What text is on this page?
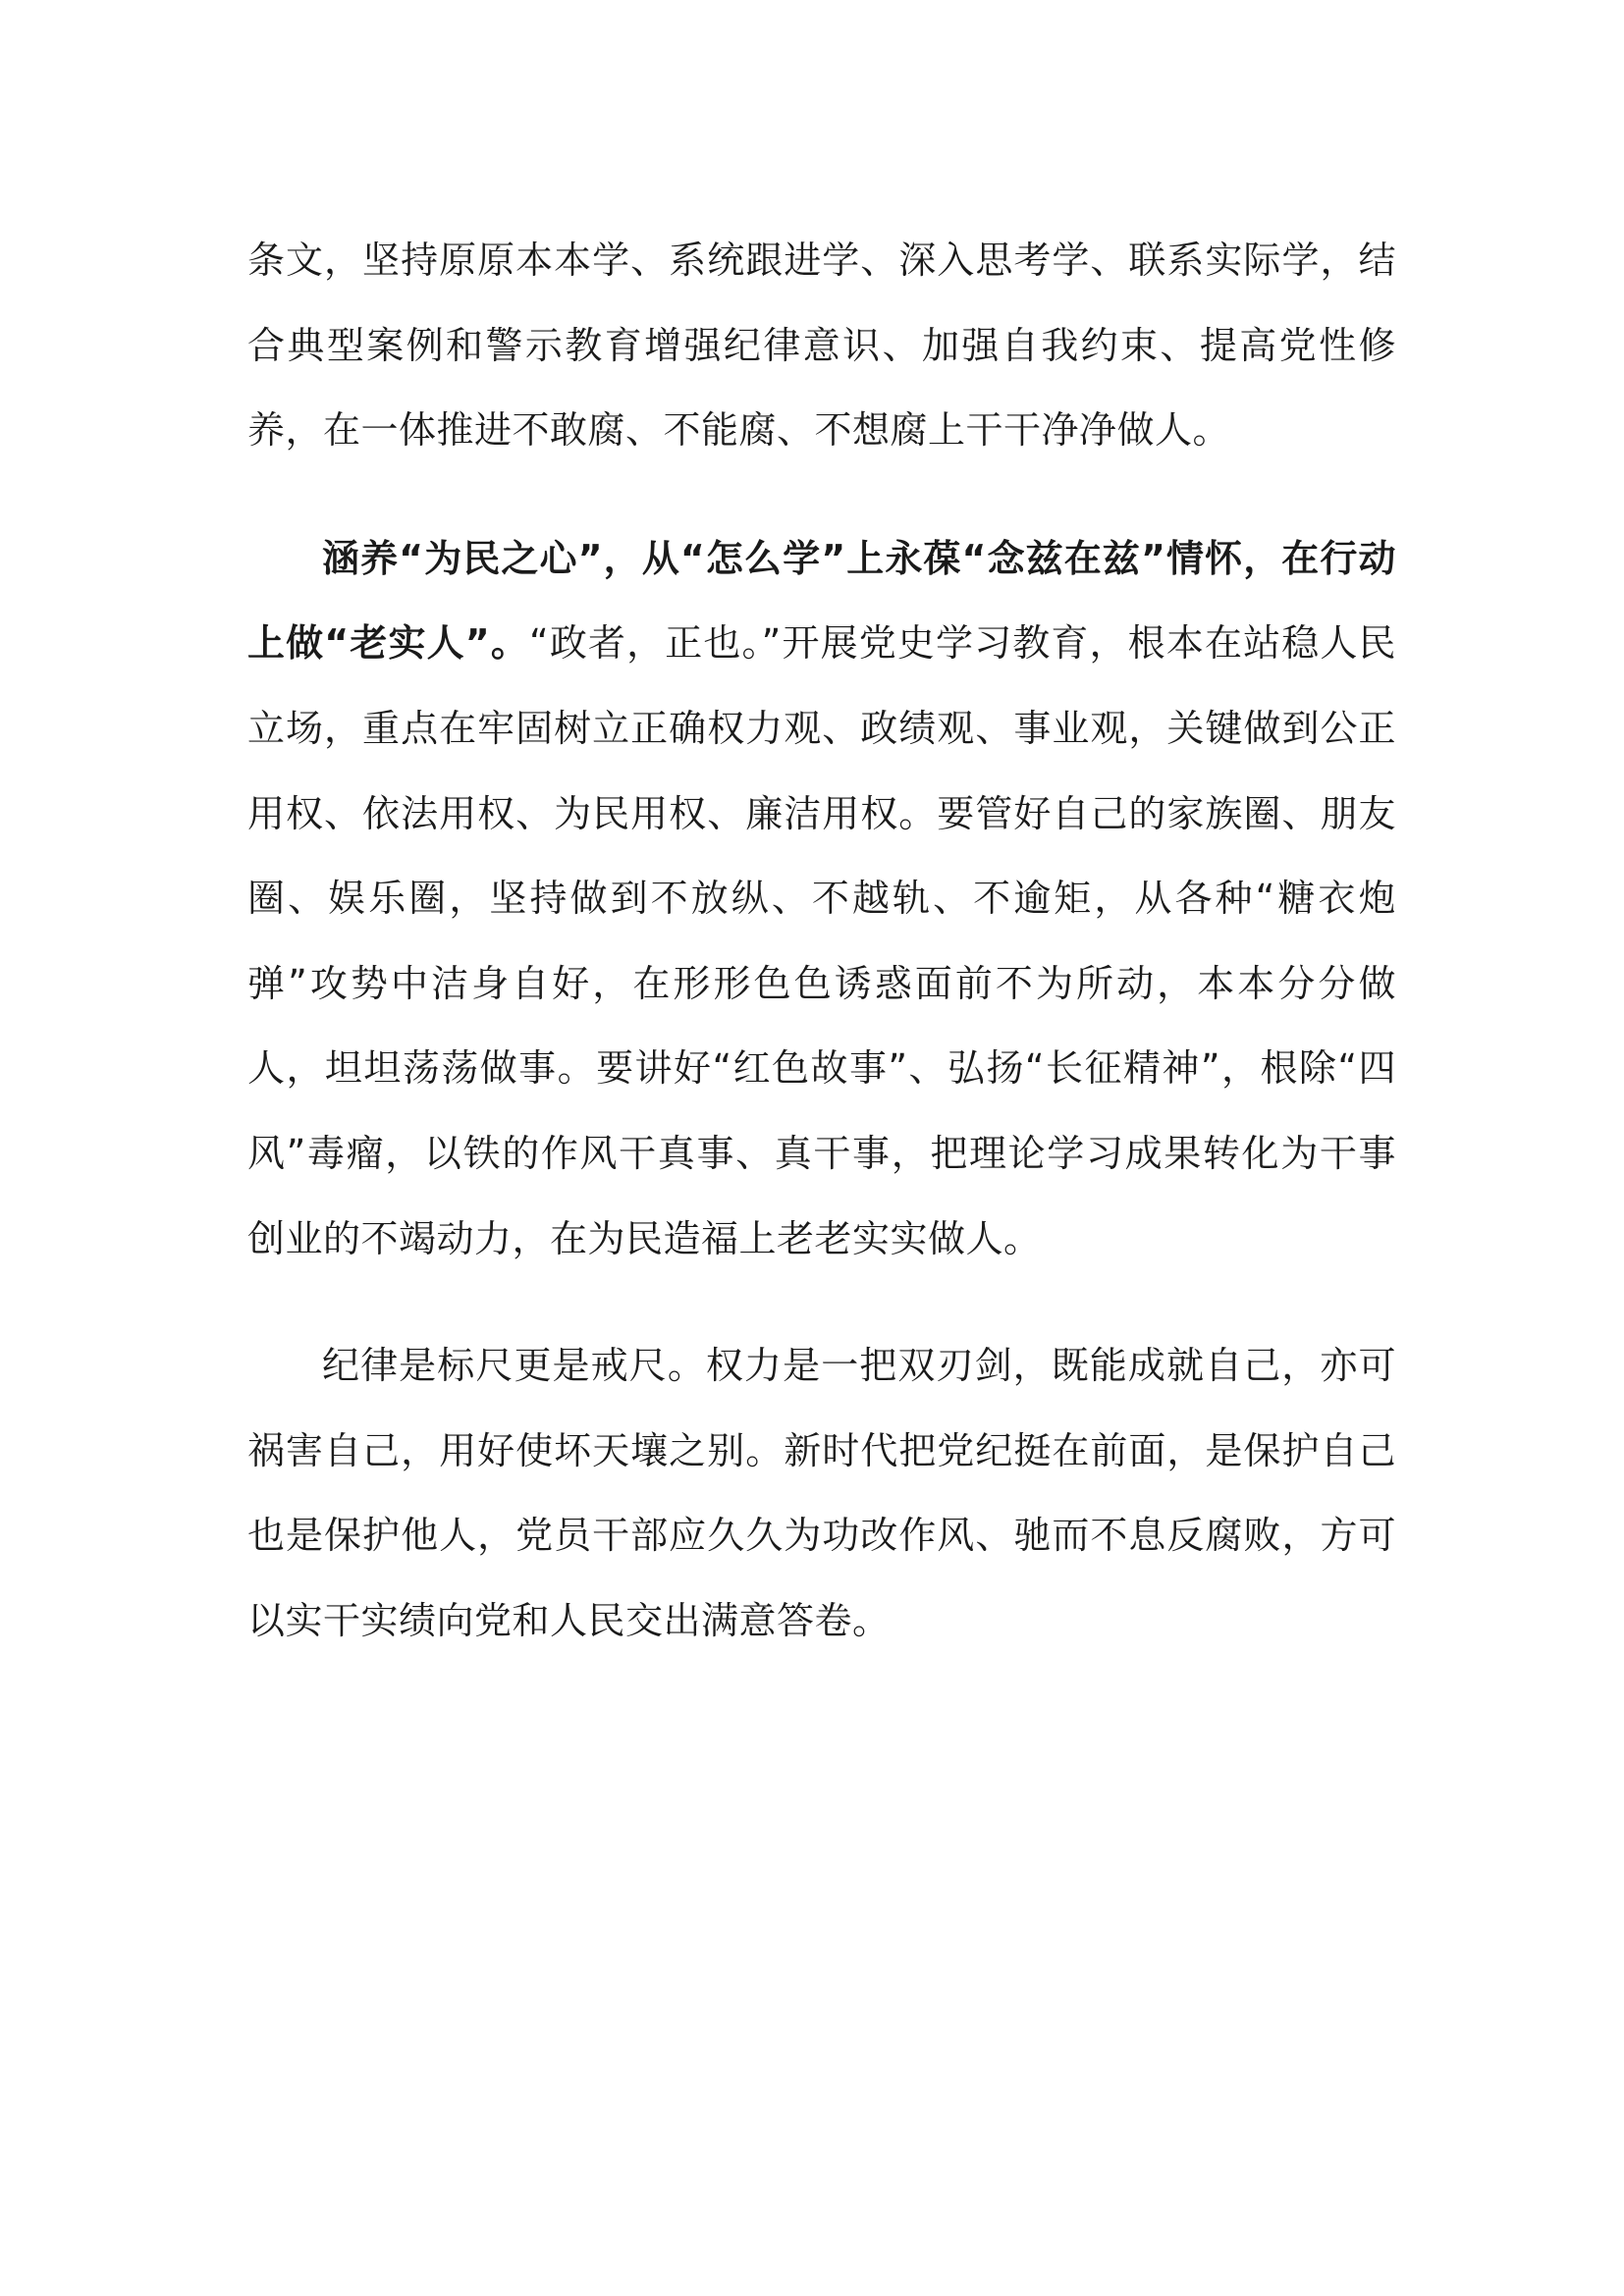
条文，坚持原原本本学、系统跟进学、深入思考学、联系实际学，结合典型案例和警示教育增强纪律意识、加强自我约束、提高党性修养，在一体推进不敢腐、不能腐、不想腐上干干净净做人。

涵养“为民之心”，从“怎么学”上永葆“念兹在兹”情怀，在行动上做“老实人”。“政者，正也。”开展党史学习教育，根本在站稳人民立场，重点在牢固树立正确权力观、政绩观、事业观，关键做到公正用权、依法用权、为民用权、廉洁用权。要管好自己的家族圈、朋友圈、娱乐圈，坚持做到不放纵、不越轨、不逾矩，从各种“糖衣炮弹”攻势中洁身自好，在形形色色诱惑面前不为所动，本本分分做人，坦坦荡荡做事。要讲好“红色故事”、弘扬“长征精神”，根除“四风”毒瘤，以铁的作风干真事、真干事，把理论学习成果转化为干事创业的不竭动力，在为民造福上老老实实做人。

纪律是标尺更是戒尺。权力是一把双刃剑，既能成就自己，亦可祸害自己，用好使坏天壤之别。新时代把党纪挺在前面，是保护自己也是保护他人，党员干部应久久为功改作风、驰而不息反腐败，方可以实干实绩向党和人民交出满意答卷。
